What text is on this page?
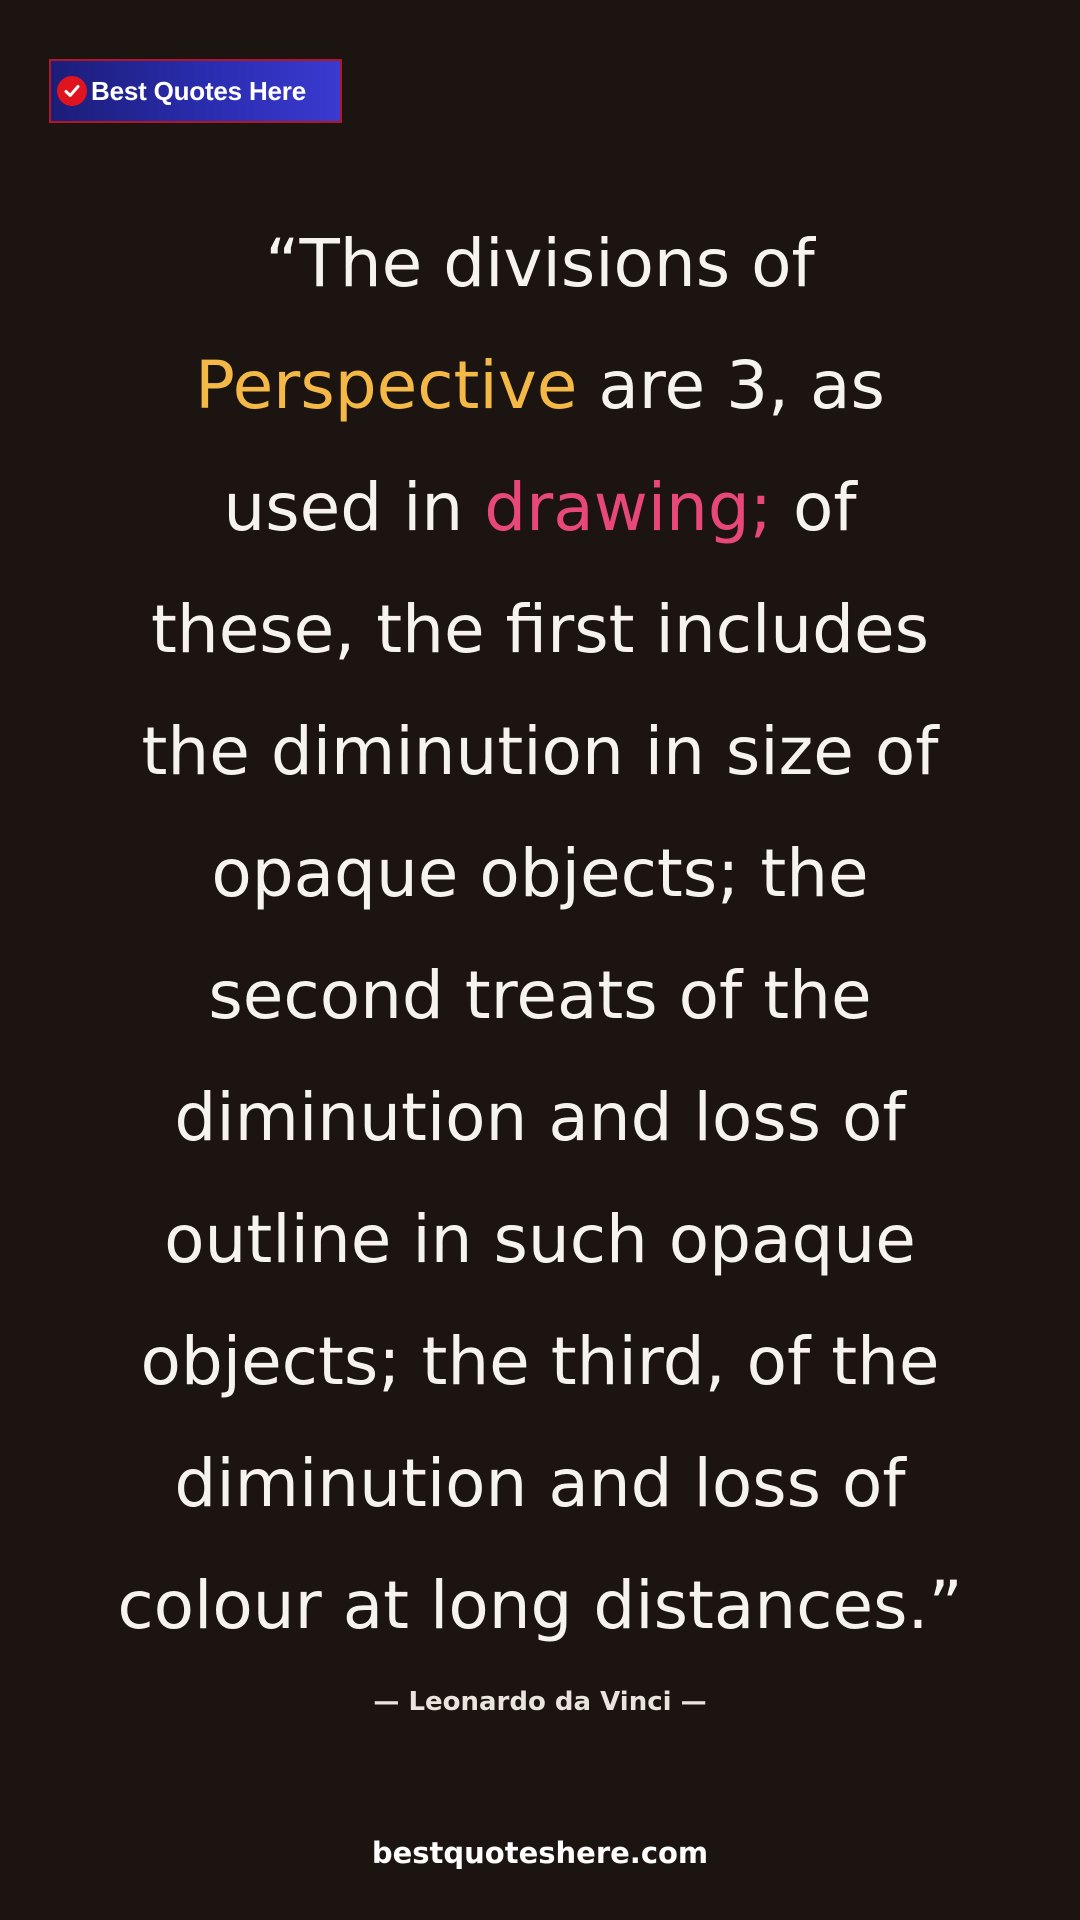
Best Quotes Here
“The divisions of
Perspective are 3, as
used in drawing; of
these, the first includes
the diminution in size of
opaque objects; the
second treats of the
diminution and loss of
outline in such opaque
objects; the third, of the
diminution and loss of
colour at long distances.”
— Leonardo da Vinci —
bestquoteshere.com
